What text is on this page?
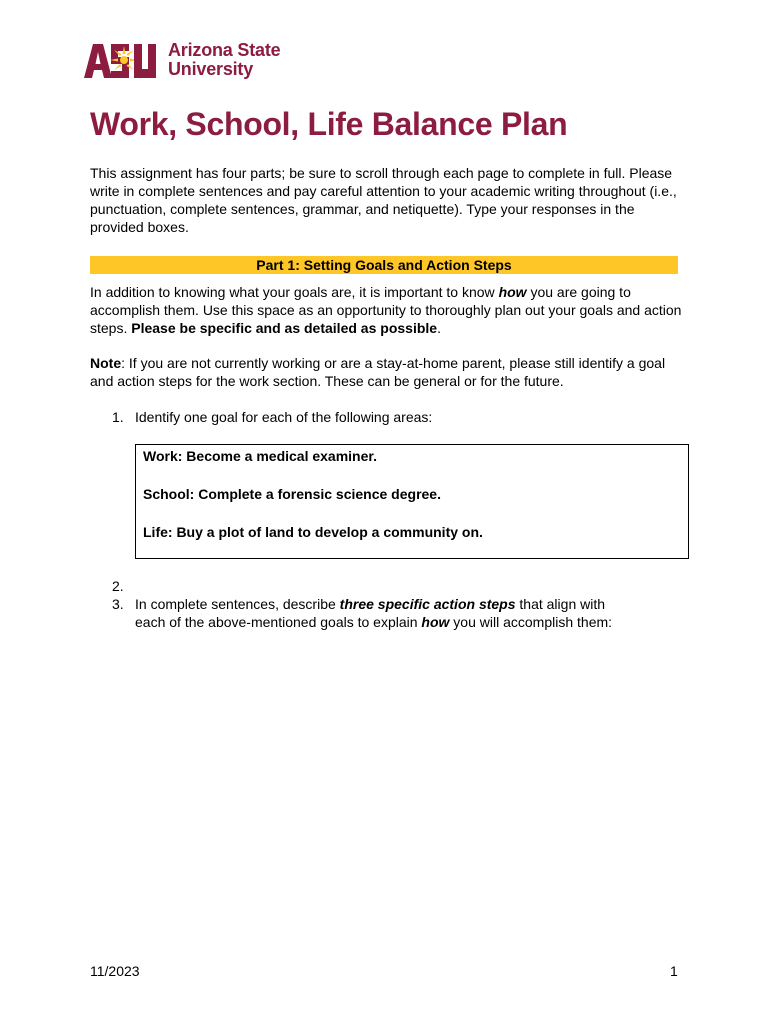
Arizona State
University
Work, School, Life Balance Plan

This assignment has four parts; be sure to scroll through each page to complete in full. Please write in complete sentences and pay careful attention to your academic writing throughout (i.e., punctuation, complete sentences, grammar, and netiquette). Type your responses in the provided boxes.

Part 1: Setting Goals and Action Steps

In addition to knowing what your goals are, it is important to know how you are going to accomplish them. Use this space as an opportunity to thoroughly plan out your goals and action steps. Please be specific and as detailed as possible.

Note: If you are not currently working or are a stay-at-home parent, please still identify a goal and action steps for the work section. These can be general or for the future.

1. Identify one goal for each of the following areas:
Work: Become a medical examiner.
School: Complete a forensic science degree.
Life: Buy a plot of land to develop a community on.
2.
3. In complete sentences, describe three specific action steps that align with
each of the above-mentioned goals to explain how you will accomplish them:
11/2023	1
